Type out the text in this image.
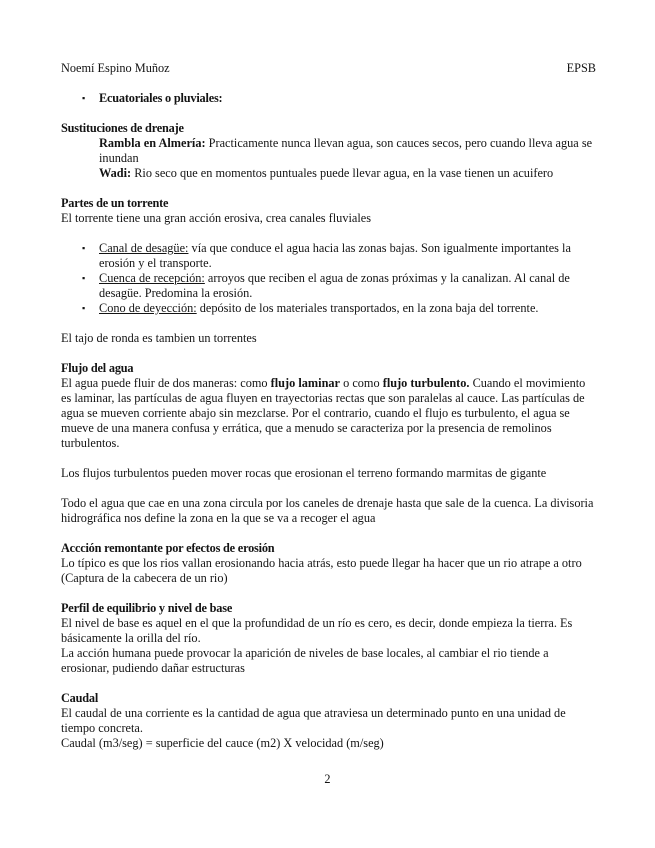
Noemí Espino Muñoz	EPSB
▪ Ecuatoriales o pluviales:

Sustituciones de drenaje

Rambla en Almería: Practicamente nunca llevan agua, son cauces secos, pero cuando lleva agua se inundan

Wadi: Rio seco que en momentos puntuales puede llevar agua, en la vase tienen un acuifero

Partes de un torrente

El torrente tiene una gran acción erosiva, crea canales fluviales

▪ Canal de desagüe: vía que conduce el agua hacia las zonas bajas. Son igualmente importantes la erosión y el transporte.
▪ Cuenca de recepción: arroyos que reciben el agua de zonas próximas y la canalizan. Al canal de desagüe. Predomina la erosión.
▪ Cono de deyección: depósito de los materiales transportados, en la zona baja del torrente.

El tajo de ronda es tambien un torrentes

Flujo del agua

El agua puede fluir de dos maneras: como flujo laminar o como flujo turbulento. Cuando el movimiento es laminar, las partículas de agua fluyen en trayectorias rectas que son paralelas al cauce. Las partículas de agua se mueven corriente abajo sin mezclarse. Por el contrario, cuando el flujo es turbulento, el agua se mueve de una manera confusa y errática, que a menudo se caracteriza por la presencia de remolinos turbulentos.

Los flujos turbulentos pueden mover rocas que erosionan el terreno formando marmitas de gigante

Todo el agua que cae en una zona circula por los caneles de drenaje hasta que sale de la cuenca. La divisoria hidrográfica nos define la zona en la que se va a recoger el agua

Accción remontante por efectos de erosión

Lo típico es que los rios vallan erosionando hacia atrás, esto puede llegar ha hacer que un rio atrape a otro (Captura de la cabecera de un rio)

Perfil de equilibrio y nivel de base

El nivel de base es aquel en el que la profundidad de un río es cero, es decir, donde empieza la tierra. Es básicamente la orilla del río.

La acción humana puede provocar la aparición de niveles de base locales, al cambiar el rio tiende a erosionar, pudiendo dañar estructuras

Caudal

El caudal de una corriente es la cantidad de agua que atraviesa un determinado punto en una unidad de tiempo concreta.

Caudal (m3/seg) = superficie del cauce (m2) X velocidad (m/seg)

2
